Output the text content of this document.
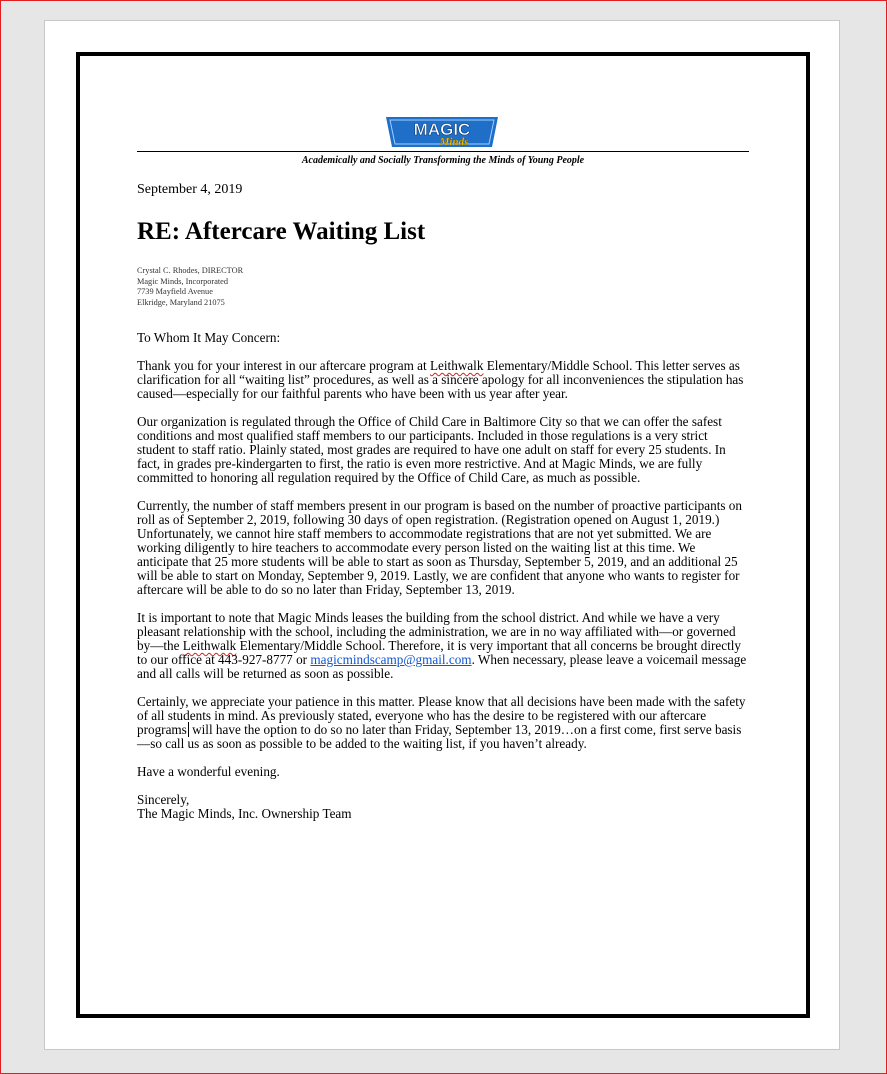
MAGIC
Minds
Academically and Socially Transforming the Minds of Young People
September 4, 2019
RE: Aftercare Waiting List
Crystal C. Rhodes, DIRECTOR
Magic Minds, Incorporated
7739 Mayfield Avenue
Elkridge, Maryland 21075

To Whom It May Concern:

Thank you for your interest in our aftercare program at Leithwalk Elementary/Middle School. This letter serves as clarification for all “waiting list” procedures, as well as a sincere apology for all inconveniences the stipulation has caused—especially for our faithful parents who have been with us year after year.

Our organization is regulated through the Office of Child Care in Baltimore City so that we can offer the safest conditions and most qualified staff members to our participants. Included in those regulations is a very strict student to staff ratio. Plainly stated, most grades are required to have one adult on staff for every 25 students. In fact, in grades pre-kindergarten to first, the ratio is even more restrictive. And at Magic Minds, we are fully committed to honoring all regulation required by the Office of Child Care, as much as possible.

Currently, the number of staff members present in our program is based on the number of proactive participants on roll as of September 2, 2019, following 30 days of open registration. (Registration opened on August 1, 2019.) Unfortunately, we cannot hire staff members to accommodate registrations that are not yet submitted. We are working diligently to hire teachers to accommodate every person listed on the waiting list at this time. We anticipate that 25 more students will be able to start as soon as Thursday, September 5, 2019, and an additional 25 will be able to start on Monday, September 9, 2019. Lastly, we are confident that anyone who wants to register for aftercare will be able to do so no later than Friday, September 13, 2019.

It is important to note that Magic Minds leases the building from the school district. And while we have a very pleasant relationship with the school, including the administration, we are in no way affiliated with—or governed by—the Leithwalk Elementary/Middle School. Therefore, it is very important that all concerns be brought directly to our office at 443-927-8777 or magicmindscamp@gmail.com. When necessary, please leave a voicemail message and all calls will be returned as soon as possible.

Certainly, we appreciate your patience in this matter. Please know that all decisions have been made with the safety of all students in mind. As previously stated, everyone who has the desire to be registered with our aftercare programs will have the option to do so no later than Friday, September 13, 2019…on a first come, first serve basis—so call us as soon as possible to be added to the waiting list, if you haven’t already.

Have a wonderful evening.

Sincerely,
The Magic Minds, Inc. Ownership Team
